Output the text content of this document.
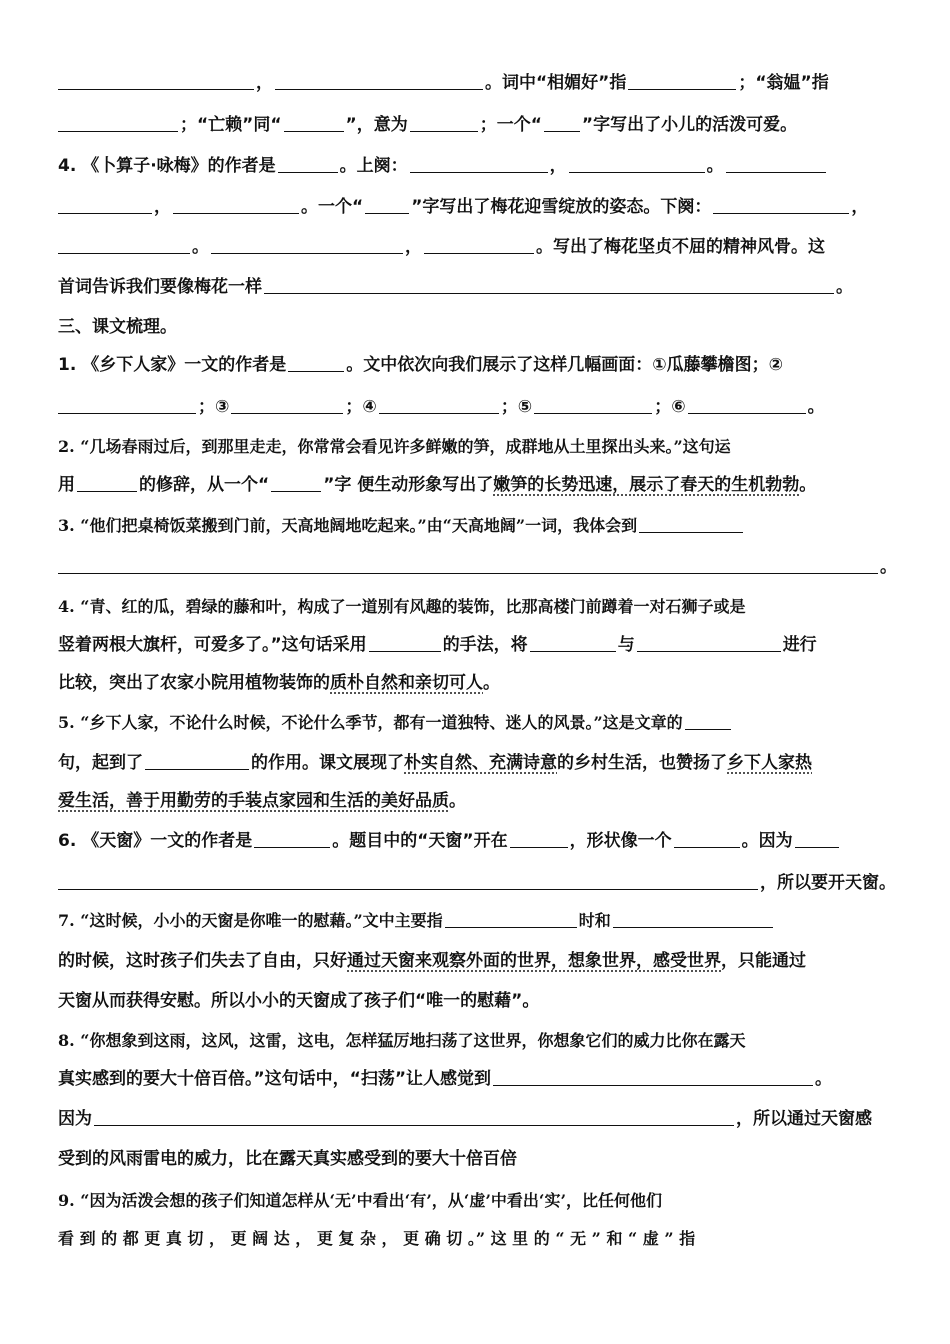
，	。词中“相媚好”指	；“翁媪”指
；“亡赖”同“	”，意为	；一个“ ”字写出了小儿的活泼可爱。
4. 《卜算子·咏梅》的作者是	。上阕：	，	。
，	。一个“	”字写出了梅花迎雪绽放的姿态。下阕：	，
。	，	。写出了梅花坚贞不屈的精神风骨。这
首词告诉我们要像梅花一样	。
三、课文梳理。
1. 《乡下人家》一文的作者是	。文中依次向我们展示了这样几幅画面：①瓜藤攀檐图；②
；③	；④	；⑤	；⑥	。
2. “几场春雨过后，到那里走走，你常常会看见许多鲜嫩的笋，成群地从土里探出头来。”这句运
用	的修辞，从一个“	”字 便生动形象写出了嫩笋的长势迅速，展示了春天的生机勃勃。
3. “他们把桌椅饭菜搬到门前，天高地阔地吃起来。”由“天高地阔”一词，我体会到
。
4. “青、红的瓜，碧绿的藤和叶，构成了一道别有风趣的装饰，比那高楼门前蹲着一对石狮子或是
竖着两根大旗杆，可爱多了。”这句话采用	的手法，将	与	进行
比较，突出了农家小院用植物装饰的质朴自然和亲切可人。
5. “乡下人家，不论什么时候，不论什么季节，都有一道独特、迷人的风景。”这是文章的
句，起到了	的作用。课文展现了朴实自然、充满诗意的乡村生活，也赞扬了乡下人家热
爱生活，善于用勤劳的手装点家园和生活的美好品质。
6. 《天窗》一文的作者是	。题目中的“天窗”开在	，形状像一个	。因为
，所以要开天窗。
7. “这时候，小小的天窗是你唯一的慰藉。”文中主要指	时和
的时候，这时孩子们失去了自由，只好通过天窗来观察外面的世界，想象世界，感受世界，只能通过
天窗从而获得安慰。所以小小的天窗成了孩子们“唯一的慰藉”。
8. “你想象到这雨，这风，这雷，这电，怎样猛厉地扫荡了这世界，你想象它们的威力比你在露天
真实感到的要大十倍百倍。”这句话中，“扫荡”让人感觉到	。
因为	，所以通过天窗感
受到的风雨雷电的威力，比在露天真实感受到的要大十倍百倍
9. “因为活泼会想的孩子们知道怎样从‘无’中看出‘有’，从‘虚’中看出‘实’，比任何他们
看 到 的 都 更 真 切 ， 更 阔 达 ， 更 复 杂 ， 更 确 切 。” 这 里 的 “ 无 ” 和 “ 虚 ” 指
